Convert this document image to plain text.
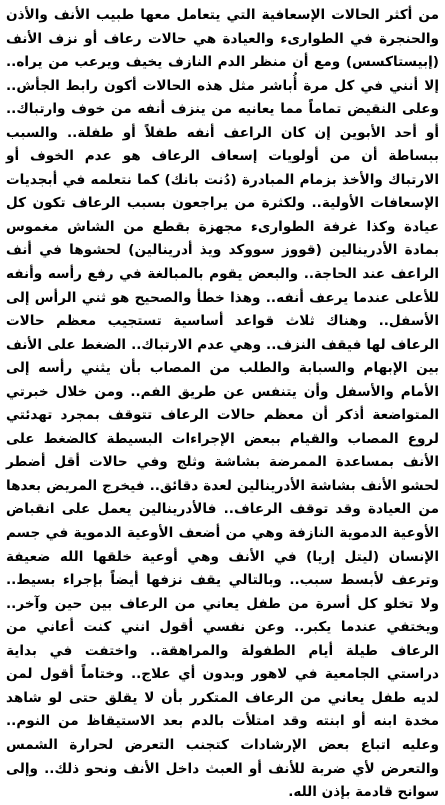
من أكثر الحالات الإسعافية التي يتعامل معها طبيب الأنف والأذن والحنجرة في الطوارىء والعيادة هي حالات رعاف أو نزف الأنف (إبيستاكسس) ومع أن منظر الدم النازف يخيف ويرعب من يراه.. إلا أنني في كل مرة أُباشر مثل هذه الحالات أكون رابط الجأش.. وعلى النقيض تماماً مما يعانيه من ينزف أنفه من خوف وارتباك.. أو أحد الأبوين إن كان الراعف أنفه طفلاً أو طفلة.. والسبب ببساطة أن من أولويات إسعاف الرعاف هو عدم الخوف أو الارتباك والأخذ بزمام المبادرة (دُنت بانك) كما نتعلمه في أبجديات الإسعافات الأولية.. ولكثرة من يراجعون بسبب الرعاف تكون كل عيادة وكذا غرفة الطوارىء مجهزة بقطع من الشاش مغموس بمادة الأدرينالين (قووز سووكد ويذ أدرينالين) لحشوها في أنف الراعف عند الحاجة.. والبعض يقوم بالمبالغة في رفع رأسه وأنفه للأعلى عندما يرعف أنفه.. وهذا خطأ والصحيح هو ثني الرأس إلى الأسفل.. وهناك ثلاث قواعد أساسية تستجيب معظم حالات الرعاف لها فيقف النزف.. وهي عدم الارتباك.. الضغط على الأنف بين الإبهام والسبابة والطلب من المصاب بأن يثني رأسه إلى الأمام والأسفل وأن يتنفس عن طريق الفم.. ومن خلال خبرتي المتواضعة أذكر أن معظم حالات الرعاف تتوقف بمجرد تهدئتي لروع المصاب والقيام ببعض الإجراءات البسيطة كالضغط على الأنف بمساعدة الممرضة بشاشة وثلج وفي حالات أقل أضطر لحشو الأنف بشاشة الأدرينالين لعدة دقائق.. فيخرج المريض بعدها من العيادة وقد توقف الرعاف.. فالأدرينالين يعمل على انقباض الأوعية الدموية النازفة وهي من أضعف الأوعية الدموية في جسم الإنسان (ليتل إريا) في الأنف وهي أوعية خلقها الله ضعيفة وترعف لأبسط سبب.. وبالتالي يقف نزفها أيضاً بإجراء بسيط.. ولا تخلو كل أسرة من طفل يعاني من الرعاف بين حين وآخر.. ويختفي عندما يكبر.. وعن نفسي أقول انني كنت أعاني من الرعاف طيلة أيام الطفولة والمراهقة.. واختفت في بداية دراستي الجامعية في لاهور وبدون أي علاج.. وختاماً أقول لمن لديه طفل يعاني من الرعاف المتكرر بأن لا يقلق حتى لو شاهد مخدة ابنه أو ابنته وقد امتلأت بالدم بعد الاستيقاظ من النوم.. وعليه اتباع بعض الإرشادات كتجنب التعرض لحرارة الشمس والتعرض لأي ضربة للأنف أو العبث داخل الأنف ونحو ذلك.. وإلى سوانح قادمة بإذن الله.
